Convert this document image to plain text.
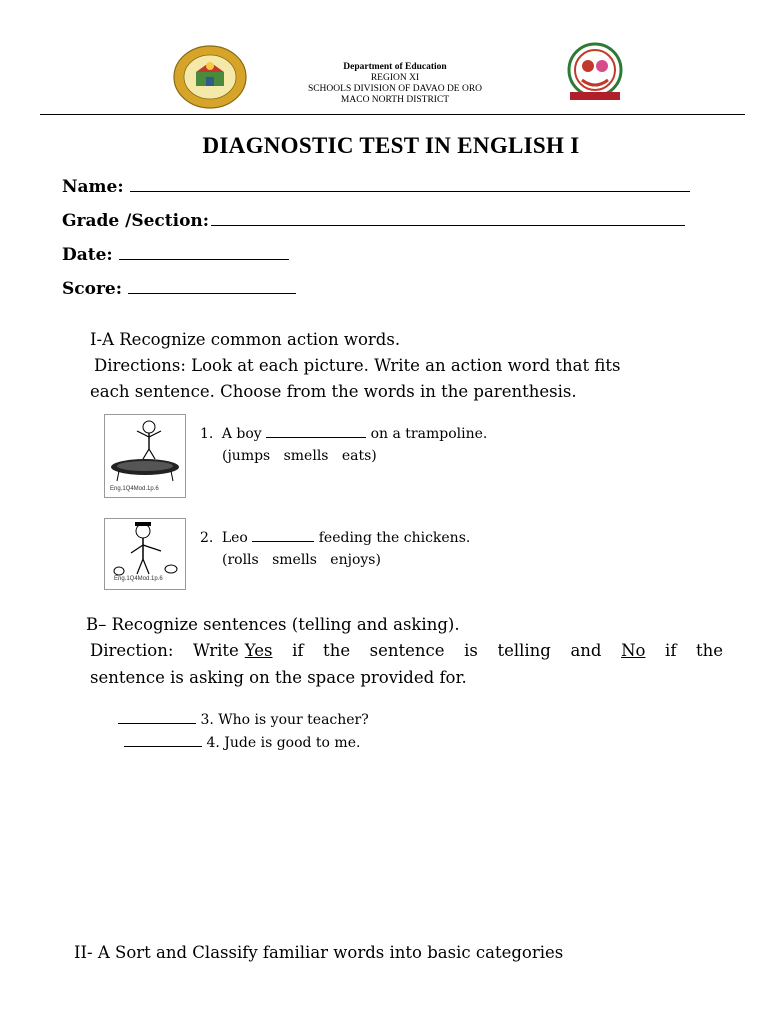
Department of Education
REGION XI
SCHOOLS DIVISION OF DAVAO DE ORO
MACO NORTH DISTRICT
DIAGNOSTIC TEST IN ENGLISH I
Name:
Grade /Section:
Date:
Score:
I-A Recognize common action words.
Directions: Look at each picture. Write an action word that fits
each sentence. Choose from the words in the parenthesis.
Eng.1Q4Mod.1p.6
1. A boy	on a trampoline.
(jumps   smells   eats)
Eng.1Q4Mod.1p.6
2. Leo	feeding the chickens.
(rolls   smells   enjoys)
B– Recognize sentences (telling and asking).
Direction: Write Yes if the sentence is telling and No if the
sentence is asking on the space provided for.
3. Who is your teacher?
4. Jude is good to me.
II- A Sort and Classify familiar words into basic categories
